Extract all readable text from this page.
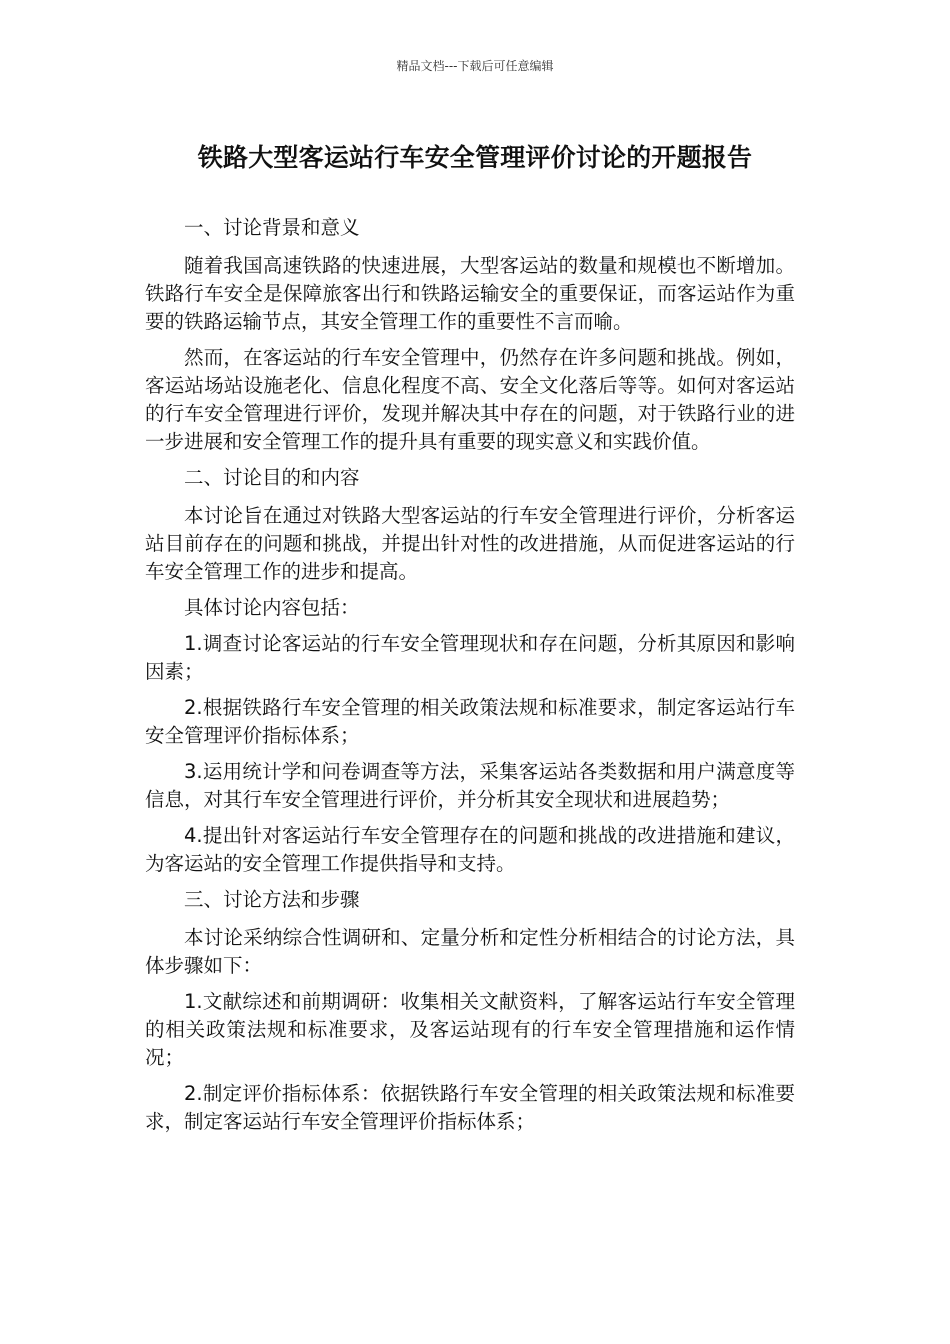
精品文档---下载后可任意编辑
铁路大型客运站行车安全管理评价讨论的开题报告

一、讨论背景和意义

随着我国高速铁路的快速进展，大型客运站的数量和规模也不断增加。铁路行车安全是保障旅客出行和铁路运输安全的重要保证，而客运站作为重要的铁路运输节点，其安全管理工作的重要性不言而喻。

然而，在客运站的行车安全管理中，仍然存在许多问题和挑战。例如，客运站场站设施老化、信息化程度不高、安全文化落后等等。如何对客运站的行车安全管理进行评价，发现并解决其中存在的问题，对于铁路行业的进一步进展和安全管理工作的提升具有重要的现实意义和实践价值。

二、讨论目的和内容

本讨论旨在通过对铁路大型客运站的行车安全管理进行评价，分析客运站目前存在的问题和挑战，并提出针对性的改进措施，从而促进客运站的行车安全管理工作的进步和提高。

具体讨论内容包括：

1.调查讨论客运站的行车安全管理现状和存在问题，分析其原因和影响因素；

2.根据铁路行车安全管理的相关政策法规和标准要求，制定客运站行车安全管理评价指标体系；

3.运用统计学和问卷调查等方法，采集客运站各类数据和用户满意度等信息，对其行车安全管理进行评价，并分析其安全现状和进展趋势；

4.提出针对客运站行车安全管理存在的问题和挑战的改进措施和建议，为客运站的安全管理工作提供指导和支持。

三、讨论方法和步骤

本讨论采纳综合性调研和、定量分析和定性分析相结合的讨论方法，具体步骤如下：

1.文献综述和前期调研：收集相关文献资料，了解客运站行车安全管理的相关政策法规和标准要求，及客运站现有的行车安全管理措施和运作情况；

2.制定评价指标体系：依据铁路行车安全管理的相关政策法规和标准要求，制定客运站行车安全管理评价指标体系；
